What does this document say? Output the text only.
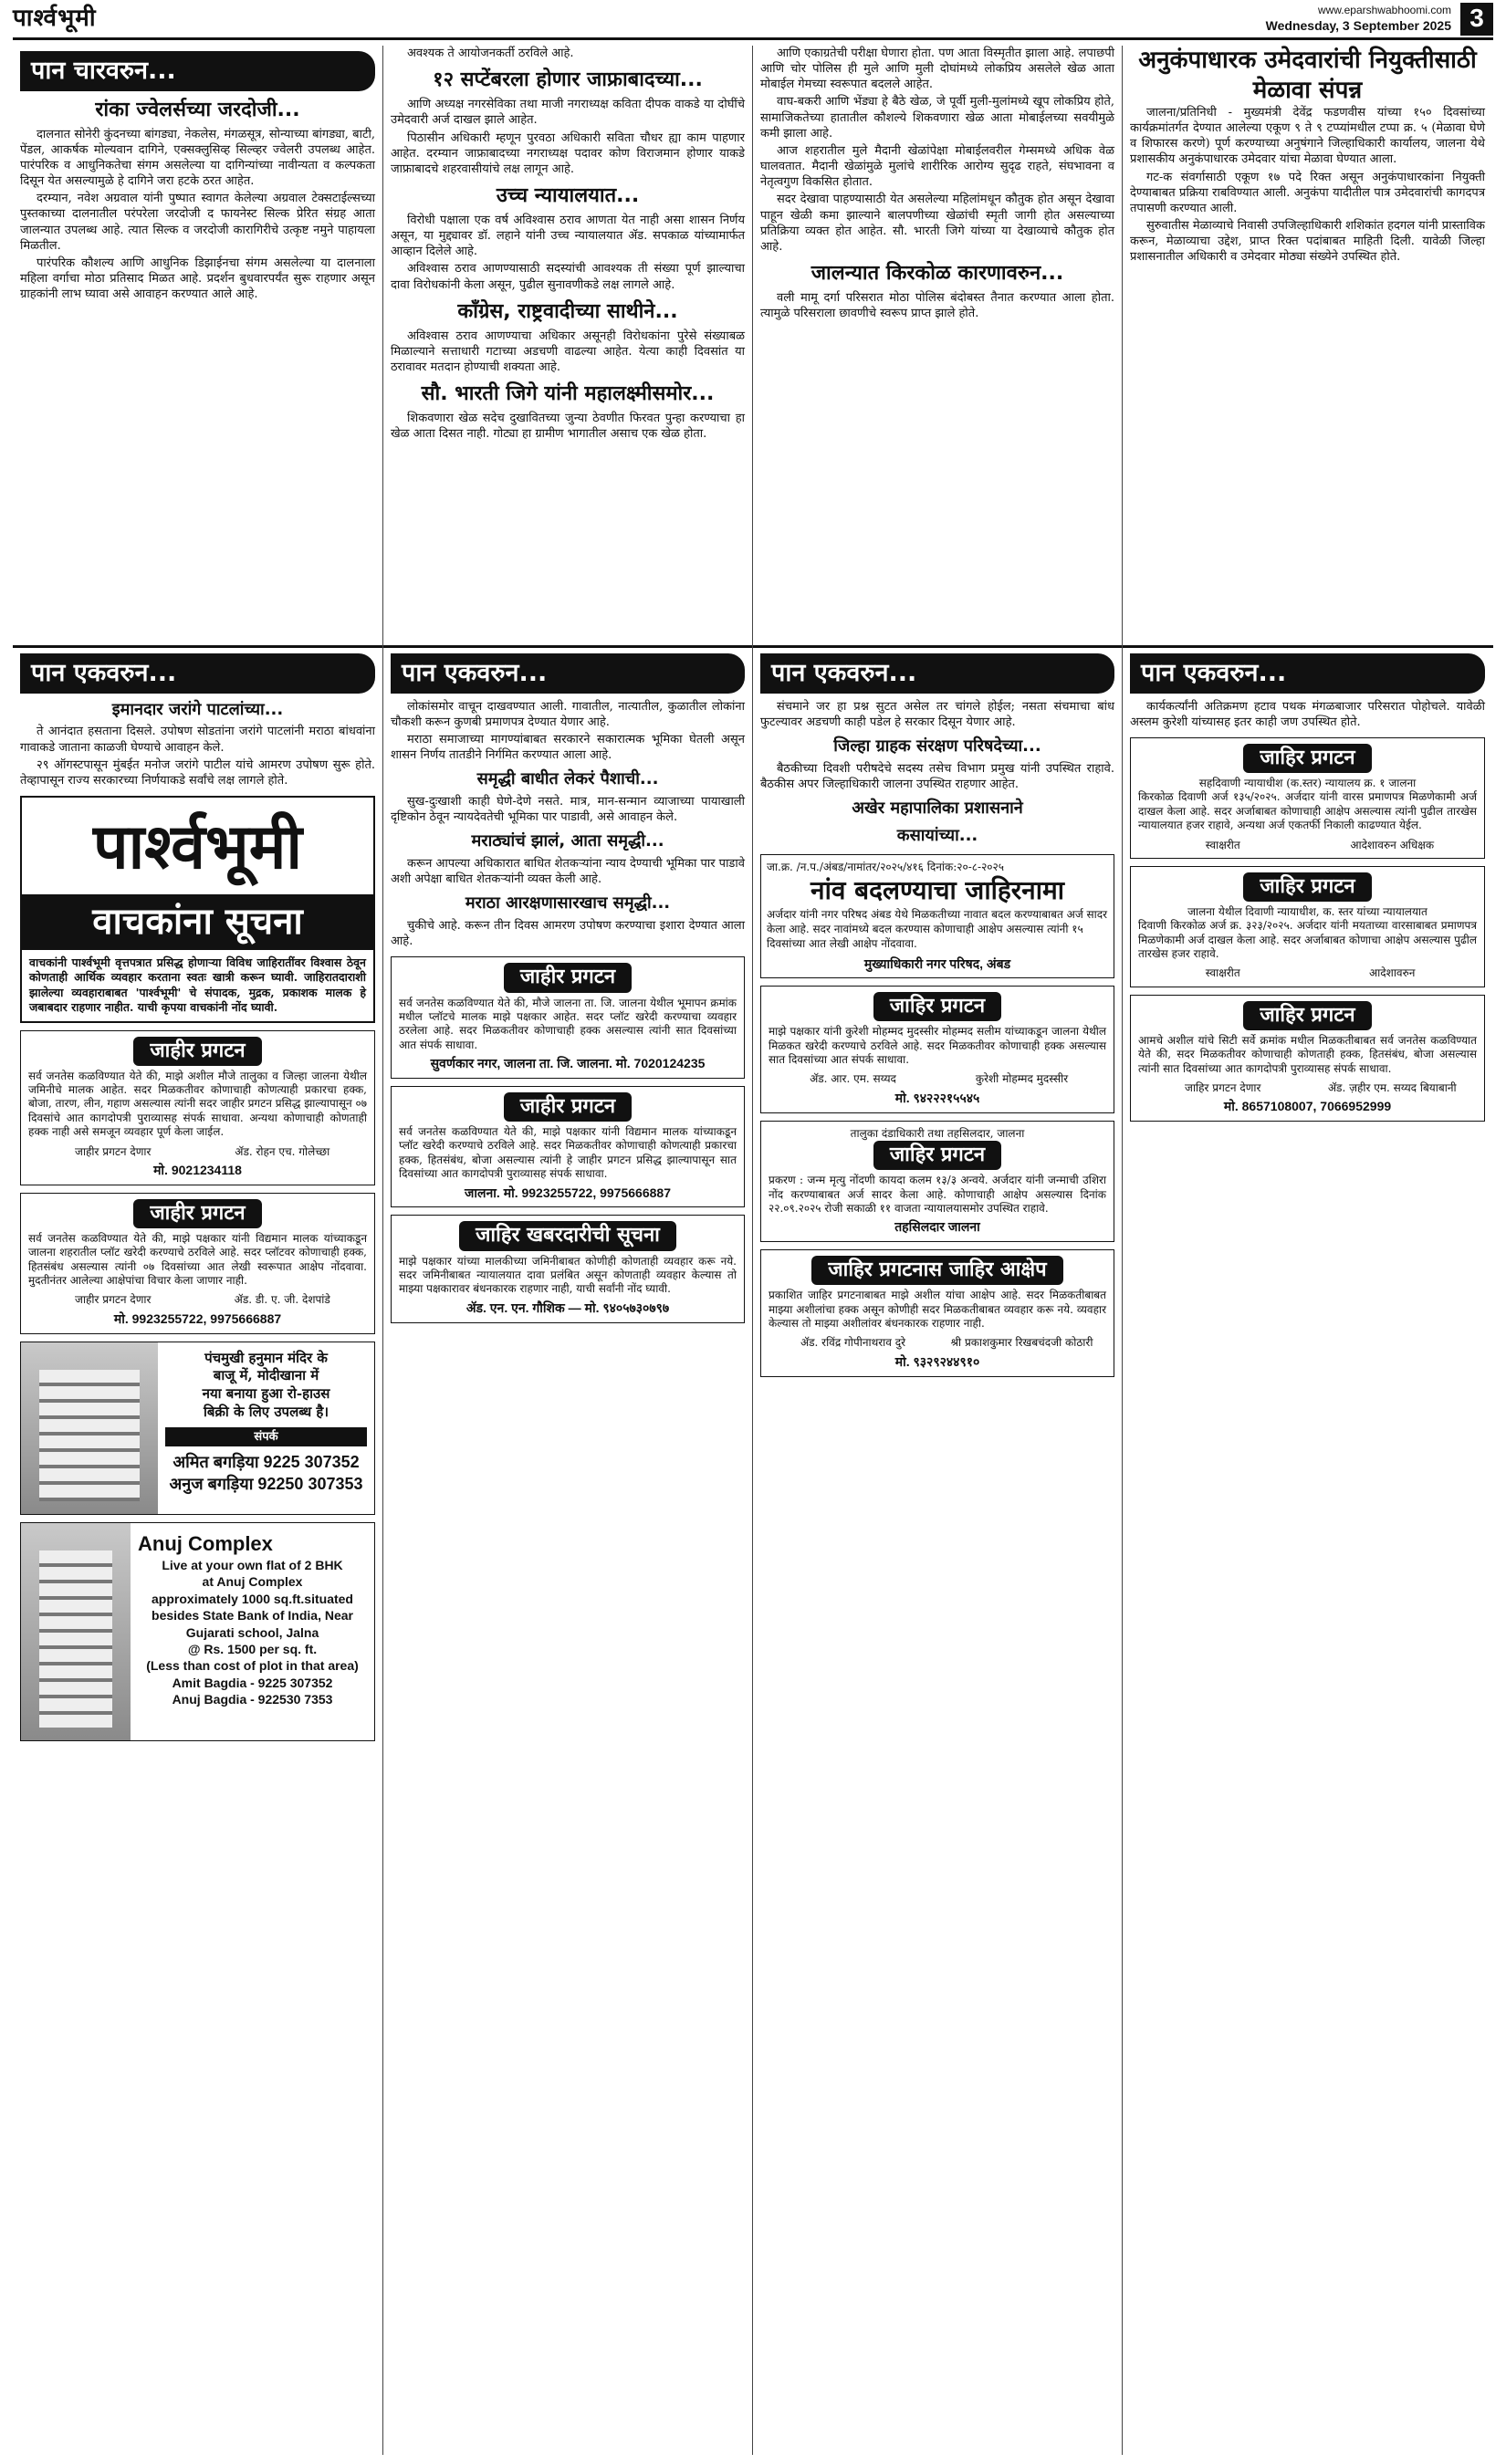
पार्श्वभूमी	www.eparshwabhoomi.com
Wednesday, 3 September 2025 3
पान चारवरुन...
रांका ज्वेलर्सच्या जरदोजी...

दालनात सोनेरी कुंदनच्या बांगड्या, नेकलेस, मंगळसूत्र, सोन्याच्या बांगड्या, बाटी, पेंडल, आकर्षक मोल्यवान दागिने, एक्सक्लुसिव्ह सिल्व्हर ज्वेलरी उपलब्ध आहेत. पारंपरिक व आधुनिकतेचा संगम असलेल्या या दागिन्यांच्या नावीन्यता व कल्पकता दिसून येत असल्यामुळे हे दागिने जरा हटके ठरत आहेत.

दरम्यान, नवेश अग्रवाल यांनी पुष्पात स्वागत केलेल्या अग्रवाल टेक्सटाईल्सच्या पुस्तकाच्या दालनातील परंपरेला जरदोजी द फायनेस्ट सिल्क प्रेरित संग्रह आता जालन्यात उपलब्ध आहे. त्यात सिल्क व जरदोजी कारागिरीचे उत्कृष्ट नमुने पाहायला मिळतील.

पारंपरिक कौशल्य आणि आधुनिक डिझाईनचा संगम असलेल्या या दालनाला महिला वर्गाचा मोठा प्रतिसाद मिळत आहे. प्रदर्शन बुधवारपर्यंत सुरू राहणार असून ग्राहकांनी लाभ घ्यावा असे आवाहन करण्यात आले आहे.

अवश्यक ते आयोजनकर्ती ठरविले आहे.

१२ सप्टेंबरला होणार जाफ्राबादच्या...

आणि अध्यक्ष नगरसेविका तथा माजी नगराध्यक्ष कविता दीपक वाकडे या दोघींचे उमेदवारी अर्ज दाखल झाले आहेत.

पिठासीन अधिकारी म्हणून पुरवठा अधिकारी सविता चौधर ह्या काम पाहणार आहेत. दरम्यान जाफ्राबादच्या नगराध्यक्ष पदावर कोण विराजमान होणार याकडे जाफ्राबादचे शहरवासीयांचे लक्ष लागून आहे.

उच्च न्यायालयात...

विरोधी पक्षाला एक वर्ष अविश्वास ठराव आणता येत नाही असा शासन निर्णय असून, या मुद्द्यावर डॉ. लहाने यांनी उच्च न्यायालयात ॲड. सपकाळ यांच्यामार्फत आव्हान दिलेले आहे.

अविश्वास ठराव आणण्यासाठी सदस्यांची आवश्यक ती संख्या पूर्ण झाल्याचा दावा विरोधकांनी केला असून, पुढील सुनावणीकडे लक्ष लागले आहे.

काँग्रेस, राष्ट्रवादीच्या साथीने...

अविश्वास ठराव आणण्याचा अधिकार असूनही विरोधकांना पुरेसे संख्याबळ मिळाल्याने सत्ताधारी गटाच्या अडचणी वाढल्या आहेत. येत्या काही दिवसांत या ठरावावर मतदान होण्याची शक्यता आहे.

सौ. भारती जिगे यांनी महालक्ष्मीसमोर...

शिकवणारा खेळ सदेच दुखावितच्या जुन्या ठेवणीत फिरवत पुन्हा करण्याचा हा खेळ आता दिसत नाही. गोट्या हा ग्रामीण भागातील असाच एक खेळ होता.

आणि एकाग्रतेची परीक्षा घेणारा होता. पण आता विस्मृतीत झाला आहे. लपाछपी आणि चोर पोलिस ही मुले आणि मुली दोघांमध्ये लोकप्रिय असलेले खेळ आता मोबाईल गेमच्या स्वरूपात बदलले आहेत.

वाघ-बकरी आणि भेंड्या हे बैठे खेळ, जे पूर्वी मुली-मुलांमध्ये खूप लोकप्रिय होते, सामाजिकतेच्या हातातील कौशल्ये शिकवणारा खेळ आता मोबाईलच्या सवयीमुळे कमी झाला आहे.

आज शहरातील मुले मैदानी खेळांपेक्षा मोबाईलवरील गेम्समध्ये अधिक वेळ घालवतात. मैदानी खेळांमुळे मुलांचे शारीरिक आरोग्य सुदृढ राहते, संघभावना व नेतृत्वगुण विकसित होतात.

सदर देखावा पाहण्यासाठी येत असलेल्या महिलांमधून कौतुक होत असून देखावा पाहून खेळी कमा झाल्याने बालपणीच्या खेळांची स्मृती जागी होत असल्याच्या प्रतिक्रिया व्यक्त होत आहेत. सौ. भारती जिगे यांच्या या देखाव्याचे कौतुक होत आहे.

जालन्यात किरकोळ कारणावरुन...

वली मामू दर्गा परिसरात मोठा पोलिस बंदोबस्त तैनात करण्यात आला होता. त्यामुळे परिसराला छावणीचे स्वरूप प्राप्त झाले होते.

अनुकंपाधारक उमेदवारांची नियुक्तीसाठी मेळावा संपन्न

जालना/प्रतिनिधी - मुख्यमंत्री देवेंद्र फडणवीस यांच्या १५० दिवसांच्या कार्यक्रमांतर्गत देण्यात आलेल्या एकूण ९ ते ९ टप्प्यांमधील टप्पा क्र. ५ (मेळावा घेणे व शिफारस करणे) पूर्ण करण्याच्या अनुषंगाने जिल्हाधिकारी कार्यालय, जालना येथे प्रशासकीय अनुकंपाधारक उमेदवार यांचा मेळावा घेण्यात आला.

गट-क संवर्गासाठी एकूण १७ पदे रिक्त असून अनुकंपाधारकांना नियुक्ती देण्याबाबत प्रक्रिया राबविण्यात आली. अनुकंपा यादीतील पात्र उमेदवारांची कागदपत्र तपासणी करण्यात आली.

सुरुवातीस मेळाव्याचे निवासी उपजिल्हाधिकारी शशिकांत हदगल यांनी प्रास्ताविक करून, मेळाव्याचा उद्देश, प्राप्त रिक्त पदांबाबत माहिती दिली. यावेळी जिल्हा प्रशासनातील अधिकारी व उमेदवार मोठ्या संख्येने उपस्थित होते.

पान एकवरुन...
इमानदार जरांगे पाटलांच्या...

ते आनंदात हसताना दिसले. उपोषण सोडतांना जरांगे पाटलांनी मराठा बांधवांना गावाकडे जाताना काळजी घेण्याचे आवाहन केले.

२९ ऑगस्टपासून मुंबईत मनोज जरांगे पाटील यांचे आमरण उपोषण सुरू होते. तेव्हापासून राज्य सरकारच्या निर्णयाकडे सर्वांचे लक्ष लागले होते.

पार्श्वभूमी
वाचकांना सूचना
वाचकांनी पार्श्वभूमी वृत्तपत्रात प्रसिद्ध होणाऱ्या विविध जाहिरातींवर विश्वास ठेवून कोणताही आर्थिक व्यवहार करताना स्वतः खात्री करून घ्यावी. जाहिरातदाराशी झालेल्या व्यवहाराबाबत 'पार्श्वभूमी' चे संपादक, मुद्रक, प्रकाशक मालक हे जबाबदार राहणार नाहीत. याची कृपया वाचकांनी नोंद घ्यावी.
जाहीर प्रगटन

सर्व जनतेस कळविण्यात येते की, माझे अशील मौजे तालुका व जिल्हा जालना येथील जमिनीचे मालक आहेत. सदर मिळकतीवर कोणाचाही कोणत्याही प्रकारचा हक्क, बोजा, तारण, लीन, गहाण असल्यास त्यांनी सदर जाहीर प्रगटन प्रसिद्ध झाल्यापासून ०७ दिवसांचे आत कागदोपत्री पुराव्यासह संपर्क साधावा. अन्यथा कोणाचाही कोणताही हक्क नाही असे समजून व्यवहार पूर्ण केला जाईल.

जाहीर प्रगटन देणार	ॲड. रोहन एच. गोलेच्छा
मो. 9021234118
जाहीर प्रगटन

सर्व जनतेस कळविण्यात येते की, माझे पक्षकार यांनी विद्यमान मालक यांच्याकडून जालना शहरातील प्लॉट खरेदी करण्याचे ठरविले आहे. सदर प्लॉटवर कोणाचाही हक्क, हितसंबंध असल्यास त्यांनी ०७ दिवसांच्या आत लेखी स्वरूपात आक्षेप नोंदवावा. मुदतीनंतर आलेल्या आक्षेपांचा विचार केला जाणार नाही.

जाहीर प्रगटन देणार	ॲड. डी. ए. जी. देशपांडे
मो. 9923255722, 9975666887
पंचमुखी हनुमान मंदिर के
बाजू में, मोदीखाना में
नया बनाया हुआ रो-हाउस
बिक्री के लिए उपलब्ध है।
संपर्क
अमित बगड़िया 9225 307352
अनुज बगड़िया 92250 307353
Anuj Complex
Live at your own flat of 2 BHK
at Anuj Complex
approximately 1000 sq.ft.situated besides State Bank of India, Near Gujarati school, Jalna
@ Rs. 1500 per sq. ft.
(Less than cost of plot in that area)
Amit Bagdia - 9225 307352
Anuj Bagdia - 922530 7353
पान एकवरुन...

लोकांसमोर वाचून दाखवण्यात आली. गावातील, नात्यातील, कुळातील लोकांना चौकशी करून कुणबी प्रमाणपत्र देण्यात येणार आहे.

मराठा समाजाच्या मागण्यांबाबत सरकारने सकारात्मक भूमिका घेतली असून शासन निर्णय तातडीने निर्गमित करण्यात आला आहे.

समृद्धी बाधीत लेकरं पैशाची...

सुख-दुःखाशी काही घेणे-देणे नसते. मात्र, मान-सन्मान व्याजाच्या पायाखाली दृष्टिकोन ठेवून न्यायदेवतेची भूमिका पार पाडावी, असे आवाहन केले.

मराठ्यांचं झालं, आता समृद्धी...

करून आपल्या अधिकारात बाधित शेतकऱ्यांना न्याय देण्याची भूमिका पार पाडावे अशी अपेक्षा बाधित शेतकऱ्यांनी व्यक्त केली आहे.

मराठा आरक्षणासारखाच समृद्धी...

चुकीचे आहे. करून तीन दिवस आमरण उपोषण करण्याचा इशारा देण्यात आला आहे.

जाहीर प्रगटन

सर्व जनतेस कळविण्यात येते की, मौजे जालना ता. जि. जालना येथील भूमापन क्रमांक मधील प्लॉटचे मालक माझे पक्षकार आहेत. सदर प्लॉट खरेदी करण्याचा व्यवहार ठरलेला आहे. सदर मिळकतीवर कोणाचाही हक्क असल्यास त्यांनी सात दिवसांच्या आत संपर्क साधावा.

सुवर्णकार नगर, जालना ता. जि. जालना. मो. 7020124235
जाहीर प्रगटन

सर्व जनतेस कळविण्यात येते की, माझे पक्षकार यांनी विद्यमान मालक यांच्याकडून प्लॉट खरेदी करण्याचे ठरविले आहे. सदर मिळकतीवर कोणाचाही कोणत्याही प्रकारचा हक्क, हितसंबंध, बोजा असल्यास त्यांनी हे जाहीर प्रगटन प्रसिद्ध झाल्यापासून सात दिवसांच्या आत कागदोपत्री पुराव्यासह संपर्क साधावा.

जालना. मो. 9923255722, 9975666887
जाहिर खबरदारीची सूचना

माझे पक्षकार यांच्या मालकीच्या जमिनीबाबत कोणीही कोणताही व्यवहार करू नये. सदर जमिनीबाबत न्यायालयात दावा प्रलंबित असून कोणताही व्यवहार केल्यास तो माझ्या पक्षकारावर बंधनकारक राहणार नाही, याची सर्वांनी नोंद घ्यावी.

ॲड. एन. एन. गौशिक — मो. ९४०५७३०७९७
पान एकवरुन...

संचमाने जर हा प्रश्न सुटत असेल तर चांगले होईल; नसता संचमाचा बांध फुटल्यावर अडचणी काही पडेल हे सरकार दिसून येणार आहे.

जिल्हा ग्राहक संरक्षण परिषदेच्या...

बैठकीच्या दिवशी परीषदेचे सदस्य तसेच विभाग प्रमुख यांनी उपस्थित राहावे. बैठकीस अपर जिल्हाधिकारी जालना उपस्थित राहणार आहेत.

अखेर महापालिका प्रशासनाने
कसायांच्या...
जा.क्र. /न.प./अंबड/नामांतर/२०२५/४१६ दिनांक:२०-८-२०२५
नांव बदलण्याचा जाहिरनामा

अर्जदार यांनी नगर परिषद अंबड येथे मिळकतीच्या नावात बदल करण्याबाबत अर्ज सादर केला आहे. सदर नावांमध्ये बदल करण्यास कोणाचाही आक्षेप असल्यास त्यांनी १५ दिवसांच्या आत लेखी आक्षेप नोंदवावा.

मुख्याधिकारी नगर परिषद, अंबड
जाहिर प्रगटन

माझे पक्षकार यांनी कुरेशी मोहम्मद मुदस्सीर मोहम्मद सलीम यांच्याकडून जालना येथील मिळकत खरेदी करण्याचे ठरविले आहे. सदर मिळकतीवर कोणाचाही हक्क असल्यास सात दिवसांच्या आत संपर्क साधावा.

ॲड. आर. एम. सय्यद	कुरेशी मोहम्मद मुदस्सीर
मो. ९४२२२१५५४५
तालुका दंडाधिकारी तथा तहसिलदार, जालना
जाहिर प्रगटन

प्रकरण : जन्म मृत्यु नोंदणी कायदा कलम १३/३ अन्वये. अर्जदार यांनी जन्माची उशिरा नोंद करण्याबाबत अर्ज सादर केला आहे. कोणाचाही आक्षेप असल्यास दिनांक २२.०९.२०२५ रोजी सकाळी ११ वाजता न्यायालयासमोर उपस्थित राहावे.

तहसिलदार जालना
जाहिर प्रगटनास जाहिर आक्षेप

प्रकाशित जाहिर प्रगटनाबाबत माझे अशील यांचा आक्षेप आहे. सदर मिळकतीबाबत माझ्या अशीलांचा हक्क असून कोणीही सदर मिळकतीबाबत व्यवहार करू नये. व्यवहार केल्यास तो माझ्या अशीलांवर बंधनकारक राहणार नाही.

ॲड. रविंद्र गोपीनाथराव दुरे	श्री प्रकाशकुमार रिखबचंदजी कोठारी
मो. ९३२९२४४९१०
पान एकवरुन...

कार्यकर्त्यांनी अतिक्रमण हटाव पथक मंगळबाजार परिसरात पोहोचले. यावेळी अस्लम कुरेशी यांच्यासह इतर काही जण उपस्थित होते.

जाहिर प्रगटन
सहदिवाणी न्यायाधीश (क.स्तर) न्यायालय क्र. १ जालना

किरकोळ दिवाणी अर्ज १३५/२०२५. अर्जदार यांनी वारस प्रमाणपत्र मिळणेकामी अर्ज दाखल केला आहे. सदर अर्जाबाबत कोणाचाही आक्षेप असल्यास त्यांनी पुढील तारखेस न्यायालयात हजर राहावे, अन्यथा अर्ज एकतर्फी निकाली काढण्यात येईल.

स्वाक्षरीत	आदेशावरुन अधिक्षक
जाहिर प्रगटन
जालना येथील दिवाणी न्यायाधीश, क. स्तर यांच्या न्यायालयात

दिवाणी किरकोळ अर्ज क्र. ३२३/२०२५. अर्जदार यांनी मयताच्या वारसाबाबत प्रमाणपत्र मिळणेकामी अर्ज दाखल केला आहे. सदर अर्जाबाबत कोणाचा आक्षेप असल्यास पुढील तारखेस हजर राहावे.

स्वाक्षरीत	आदेशावरुन
जाहिर प्रगटन

आमचे अशील यांचे सिटी सर्वे क्रमांक मधील मिळकतीबाबत सर्व जनतेस कळविण्यात येते की, सदर मिळकतीवर कोणाचाही कोणताही हक्क, हितसंबंध, बोजा असल्यास त्यांनी सात दिवसांच्या आत कागदोपत्री पुराव्यासह संपर्क साधावा.

जाहिर प्रगटन देणार	ॲड. ज़हीर एम. सय्यद बियाबानी
मो. 8657108007, 7066952999
